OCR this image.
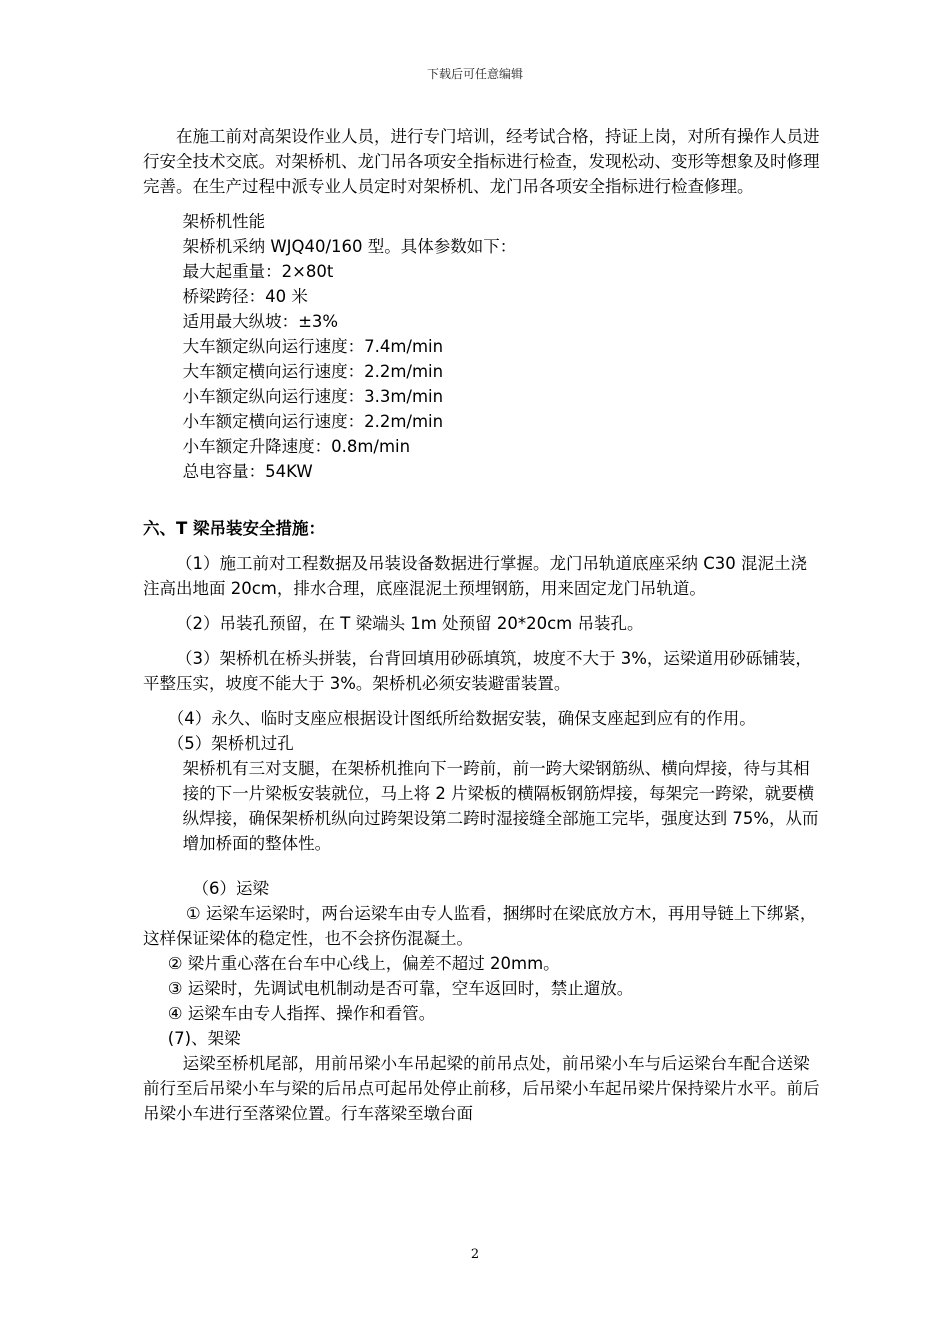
下载后可任意编辑

在施工前对高架设作业人员，进行专门培训，经考试合格，持证上岗，对所有操作人员进行安全技术交底。对架桥机、龙门吊各项安全指标进行检查，发现松动、变形等想象及时修理完善。在生产过程中派专业人员定时对架桥机、龙门吊各项安全指标进行检查修理。

架桥机性能

架桥机采纳 WJQ40/160 型。具体参数如下：

最大起重量：2×80t

桥梁跨径：40 米

适用最大纵坡：±3%

大车额定纵向运行速度：7.4m/min

大车额定横向运行速度：2.2m/min

小车额定纵向运行速度：3.3m/min

小车额定横向运行速度：2.2m/min

小车额定升降速度：0.8m/min

总电容量：54KW

六、T 梁吊装安全措施：

（1）施工前对工程数据及吊装设备数据进行掌握。龙门吊轨道底座采纳 C30 混泥土浇注高出地面 20cm，排水合理，底座混泥土预埋钢筋，用来固定龙门吊轨道。

（2）吊装孔预留，在 T 梁端头 1m 处预留 20*20cm 吊装孔。

（3）架桥机在桥头拼装，台背回填用砂砾填筑，坡度不大于 3%，运梁道用砂砾铺装，平整压实，坡度不能大于 3%。架桥机必须安装避雷装置。

（4）永久、临时支座应根据设计图纸所给数据安装，确保支座起到应有的作用。

（5）架桥机过孔

架桥机有三对支腿，在架桥机推向下一跨前，前一跨大梁钢筋纵、横向焊接，待与其相接的下一片梁板安装就位，马上将 2 片梁板的横隔板钢筋焊接，每架完一跨梁，就要横纵焊接，确保架桥机纵向过跨架设第二跨时湿接缝全部施工完毕，强度达到 75%，从而增加桥面的整体性。

（6）运梁

① 运梁车运梁时，两台运梁车由专人监看，捆绑时在梁底放方木，再用导链上下绑紧，这样保证梁体的稳定性，也不会挤伤混凝土。

② 梁片重心落在台车中心线上，偏差不超过 20mm。

③ 运梁时，先调试电机制动是否可靠，空车返回时，禁止遛放。

④ 运梁车由专人指挥、操作和看管。

(7)、架梁

运梁至桥机尾部，用前吊梁小车吊起梁的前吊点处，前吊梁小车与后运梁台车配合送梁前行至后吊梁小车与梁的后吊点可起吊处停止前移，后吊梁小车起吊梁片保持梁片水平。前后吊梁小车进行至落梁位置。行车落梁至墩台面

2
